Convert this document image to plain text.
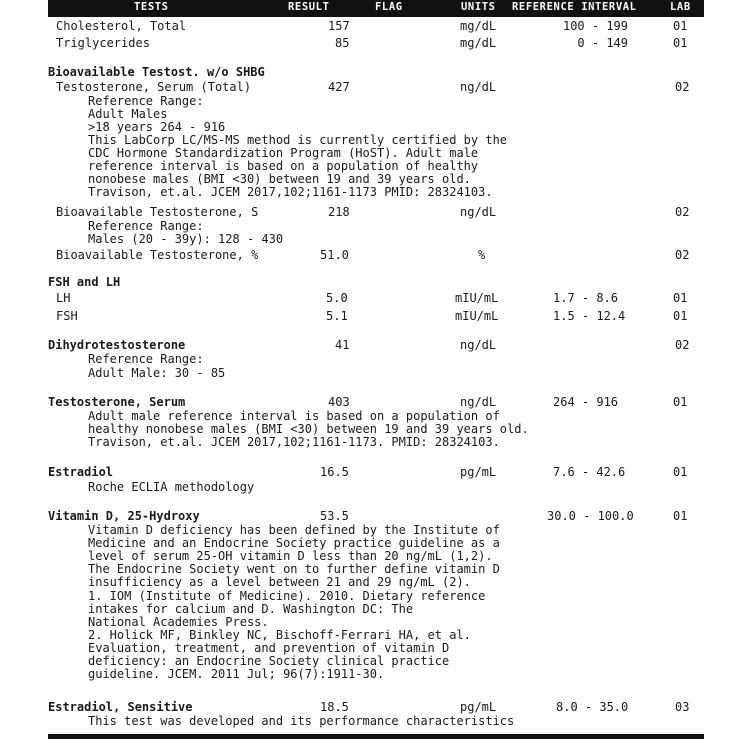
TESTS	RESULT	FLAG	UNITS REFERENCE INTERVAL	LAB
Cholesterol, Total	157	mg/dL	100 - 199	01
Triglycerides	85	mg/dL	0 - 149	01
Bioavailable Testost. w/o SHBG
Testosterone, Serum (Total)	427	ng/dL	02
Reference Range:
Adult Males
>18 years 264 - 916
This LabCorp LC/MS-MS method is currently certified by the
CDC Hormone Standardization Program (HoST). Adult male
reference interval is based on a population of healthy
nonobese males (BMI <30) between 19 and 39 years old.
Travison, et.al. JCEM 2017,102;1161-1173 PMID: 28324103.
Bioavailable Testosterone, S	218	ng/dL	02
Reference Range:
Males (20 - 39y): 128 - 430
Bioavailable Testosterone, %	51.0	%	02
FSH and LH
LH	5.0	mIU/mL	1.7 - 8.6	01
FSH	5.1	mIU/mL	1.5 - 12.4	01
Dihydrotestosterone	41	ng/dL	02
Reference Range:
Adult Male: 30 - 85
Testosterone, Serum	403	ng/dL	264 - 916	01
Adult male reference interval is based on a population of
healthy nonobese males (BMI <30) between 19 and 39 years old.
Travison, et.al. JCEM 2017,102;1161-1173. PMID: 28324103.
Estradiol	16.5	pg/mL	7.6 - 42.6	01
Roche ECLIA methodology
Vitamin D, 25-Hydroxy	53.5	30.0 - 100.0	01
Vitamin D deficiency has been defined by the Institute of
Medicine and an Endocrine Society practice guideline as a
level of serum 25-OH vitamin D less than 20 ng/mL (1,2).
The Endocrine Society went on to further define vitamin D
insufficiency as a level between 21 and 29 ng/mL (2).
1. IOM (Institute of Medicine). 2010. Dietary reference
intakes for calcium and D. Washington DC: The
National Academies Press.
2. Holick MF, Binkley NC, Bischoff-Ferrari HA, et al.
Evaluation, treatment, and prevention of vitamin D
deficiency: an Endocrine Society clinical practice
guideline. JCEM. 2011 Jul; 96(7):1911-30.
Estradiol, Sensitive	18.5	pg/mL	8.0 - 35.0	03
This test was developed and its performance characteristics
